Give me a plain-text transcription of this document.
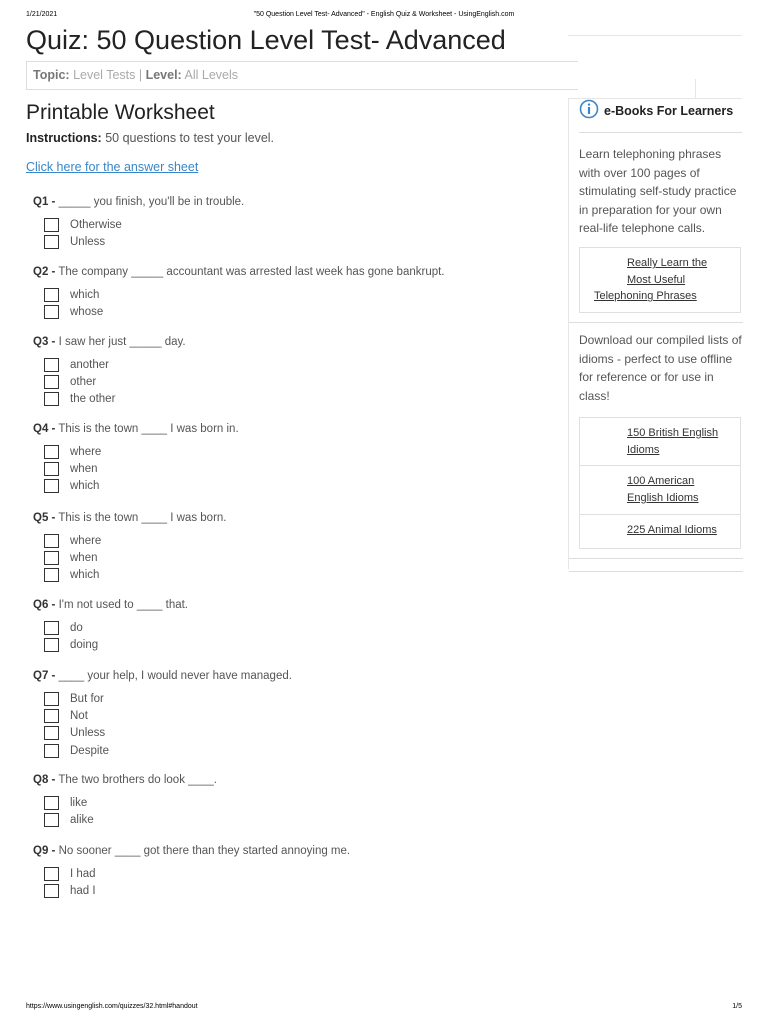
1/21/2021	"50 Question Level Test- Advanced" - English Quiz & Worksheet - UsingEnglish.com
Quiz: 50 Question Level Test- Advanced
Topic: Level Tests | Level: All Levels
Printable Worksheet
Instructions: 50 questions to test your level.
Click here for the answer sheet
Q1 - _____ you finish, you'll be in trouble.
Otherwise
Unless
Q2 - The company _____ accountant was arrested last week has gone bankrupt.
which
whose
Q3 - I saw her just _____ day.
another
other
the other
Q4 - This is the town ____ I was born in.
where
when
which
Q5 - This is the town ____ I was born.
where
when
which
Q6 - I'm not used to ____ that.
do
doing
Q7 - ____ your help, I would never have managed.
But for
Not
Unless
Despite
Q8 - The two brothers do look ____.
like
alike
Q9 - No sooner ____ got there than they started annoying me.
I had
had I
e-Books For Learners
Learn telephoning phrases with over 100 pages of stimulating self-study practice in preparation for your own real-life telephone calls.
Really Learn the
Most Useful
Telephoning Phrases
Download our compiled lists of idioms - perfect to use offline for reference or for use in class!
150 British English
Idioms
100 American
English Idioms
225 Animal Idioms
https://www.usingenglish.com/quizzes/32.html#handout	1/5
